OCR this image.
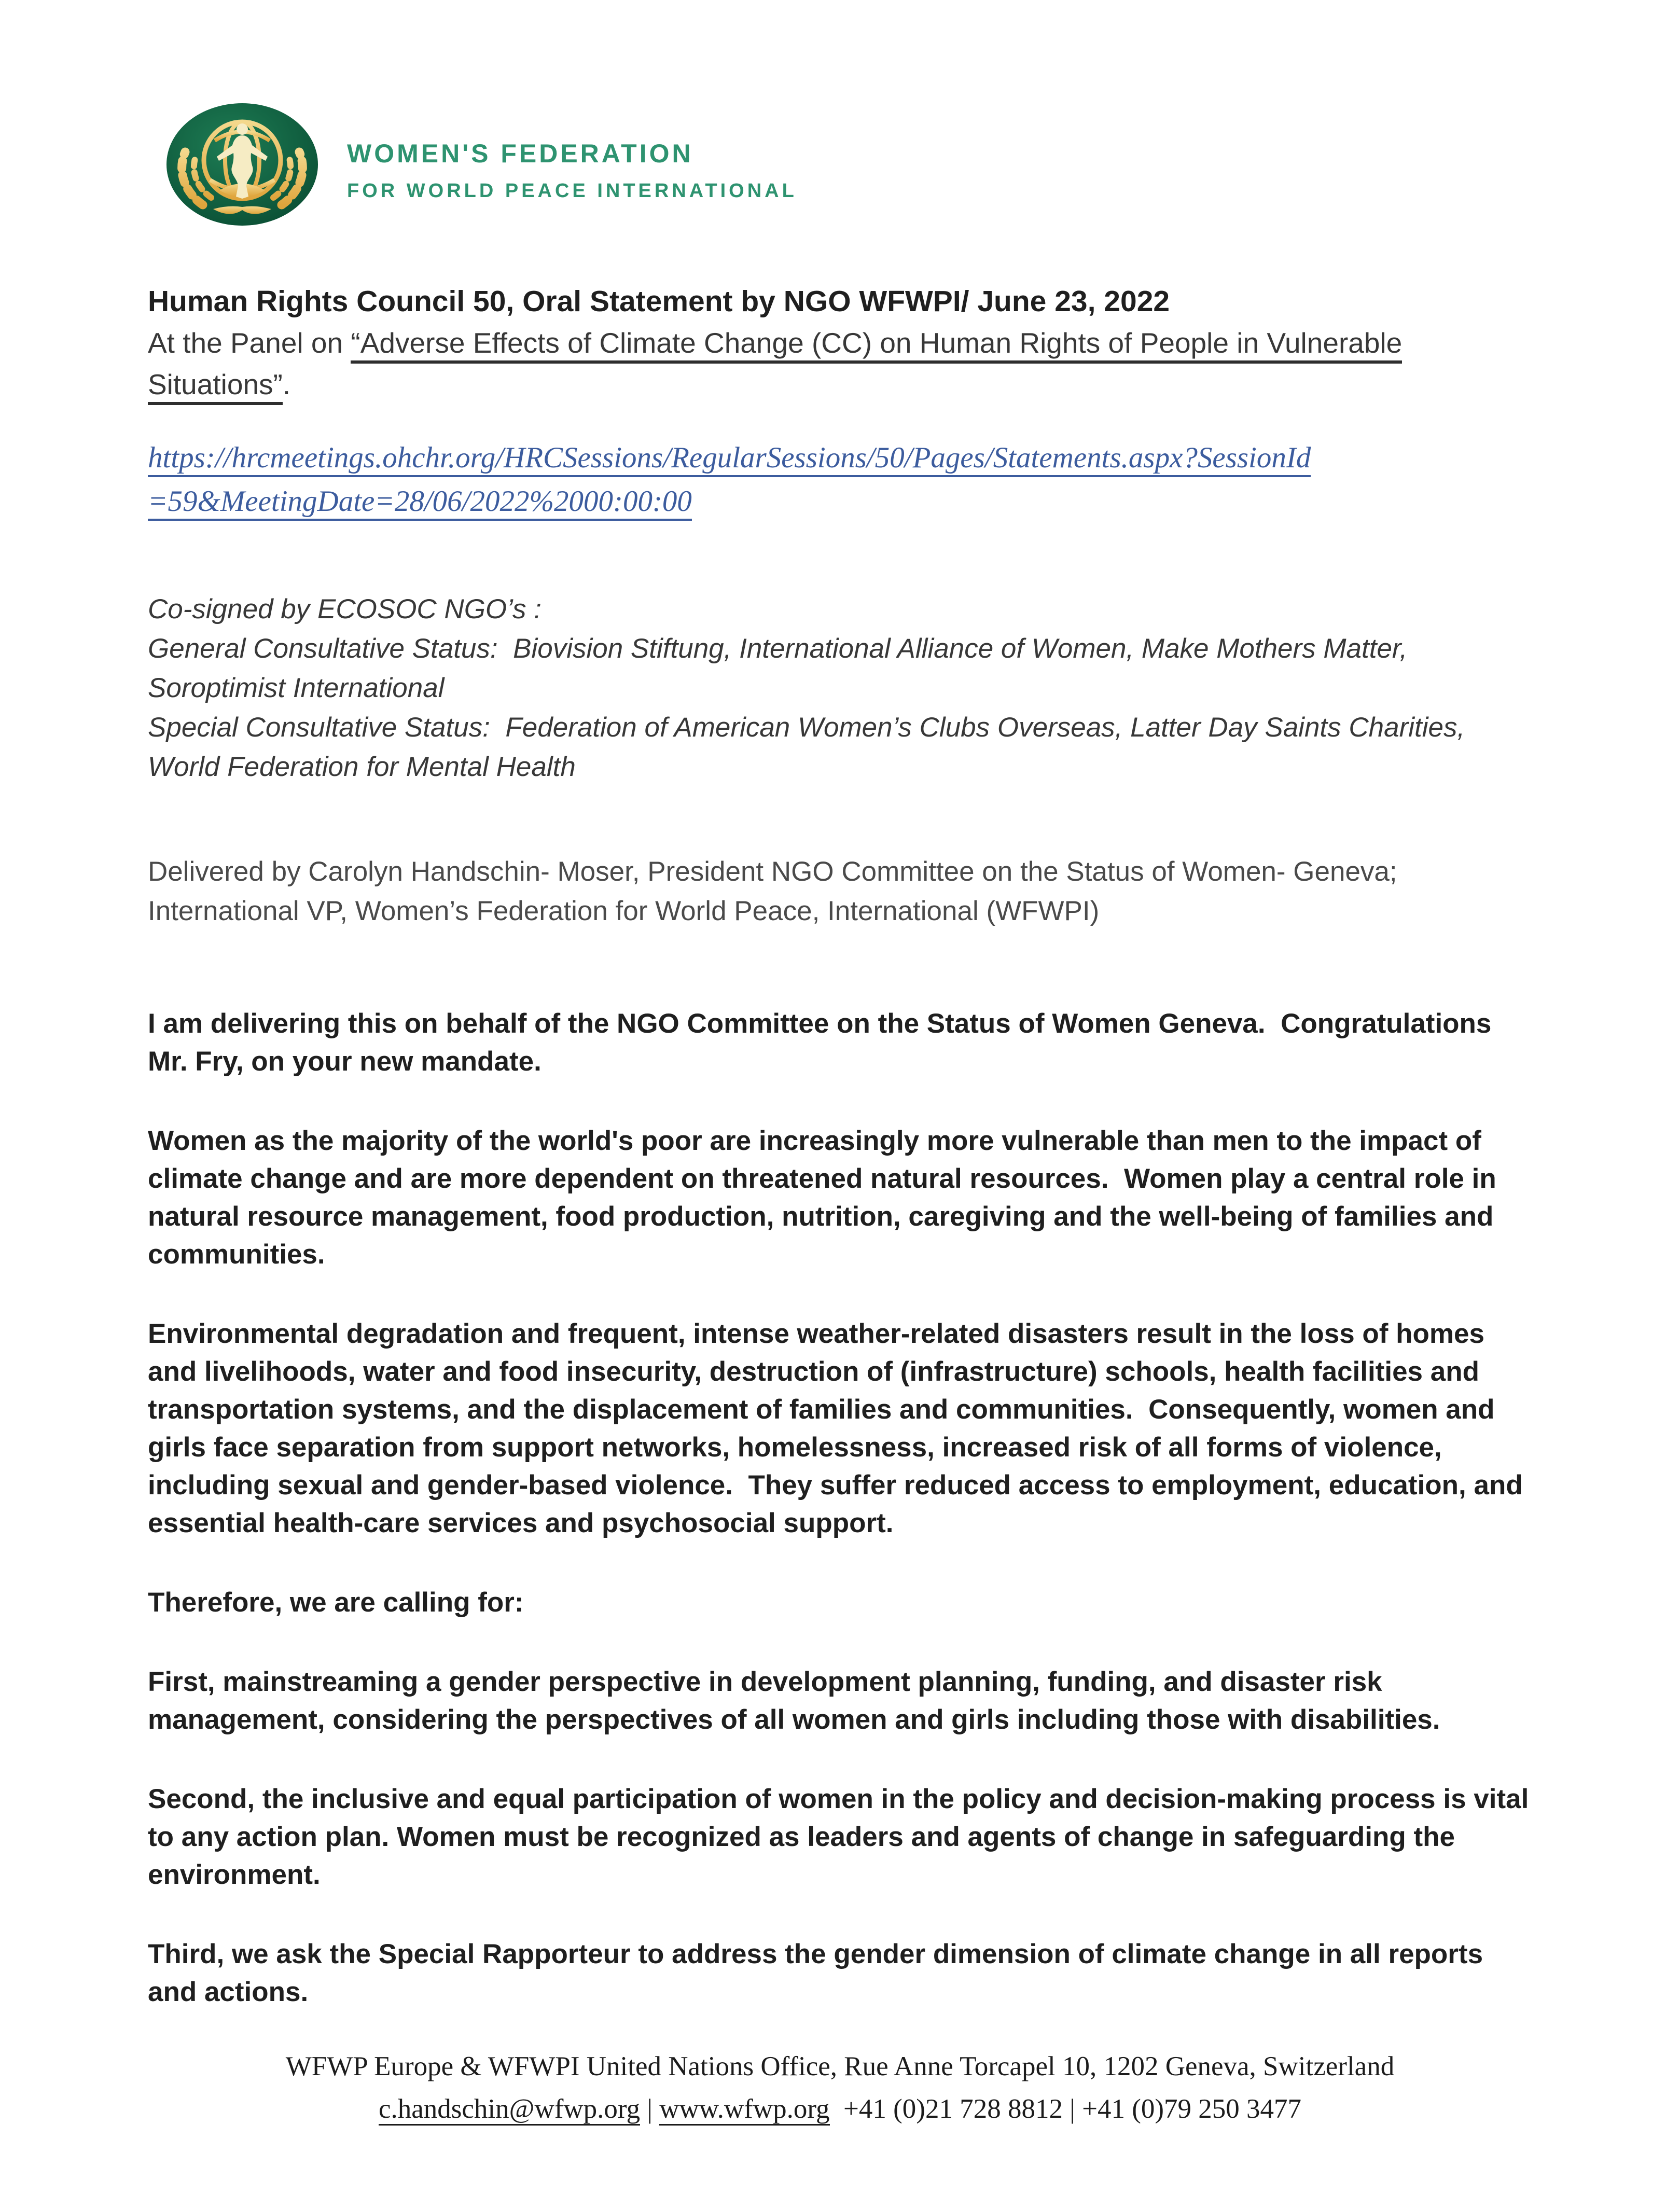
WOMEN'S FEDERATION
FOR WORLD PEACE INTERNATIONAL
Human Rights Council 50, Oral Statement by NGO WFWPI/ June 23, 2022

At the Panel on “Adverse Effects of Climate Change (CC) on Human Rights of People in Vulnerable Situations”.

https://hrcmeetings.ohchr.org/HRCSessions/RegularSessions/50/Pages/Statements.aspx?SessionId
=59&MeetingDate=28/06/2022%2000:00:00
Co-signed by ECOSOC NGO’s :
General Consultative Status:  Biovision Stiftung, International Alliance of Women, Make Mothers Matter, Soroptimist International
Special Consultative Status:  Federation of American Women’s Clubs Overseas, Latter Day Saints Charities, World Federation for Mental Health

Delivered by Carolyn Handschin- Moser, President NGO Committee on the Status of Women- Geneva; International VP, Women’s Federation for World Peace, International (WFWPI)

I am delivering this on behalf of the NGO Committee on the Status of Women Geneva.  Congratulations Mr. Fry, on your new mandate.

Women as the majority of the world's poor are increasingly more vulnerable than men to the impact of climate change and are more dependent on threatened natural resources.  Women play a central role in natural resource management, food production, nutrition, caregiving and the well-being of families and communities.

Environmental degradation and frequent, intense weather-related disasters result in the loss of homes and livelihoods, water and food insecurity, destruction of (infrastructure) schools, health facilities and transportation systems, and the displacement of families and communities.  Consequently, women and girls face separation from support networks, homelessness, increased risk of all forms of violence, including sexual and gender-based violence.  They suffer reduced access to employment, education, and essential health-care services and psychosocial support.

Therefore, we are calling for:

First, mainstreaming a gender perspective in development planning, funding, and disaster risk management, considering the perspectives of all women and girls including those with disabilities.

Second, the inclusive and equal participation of women in the policy and decision-making process is vital to any action plan. Women must be recognized as leaders and agents of change in safeguarding the environment.

Third, we ask the Special Rapporteur to address the gender dimension of climate change in all reports and actions.

WFWP Europe & WFWPI United Nations Office, Rue Anne Torcapel 10, 1202 Geneva, Switzerland
c.handschin@wfwp.org | www.wfwp.org  +41 (0)21 728 8812 | +41 (0)79 250 3477
